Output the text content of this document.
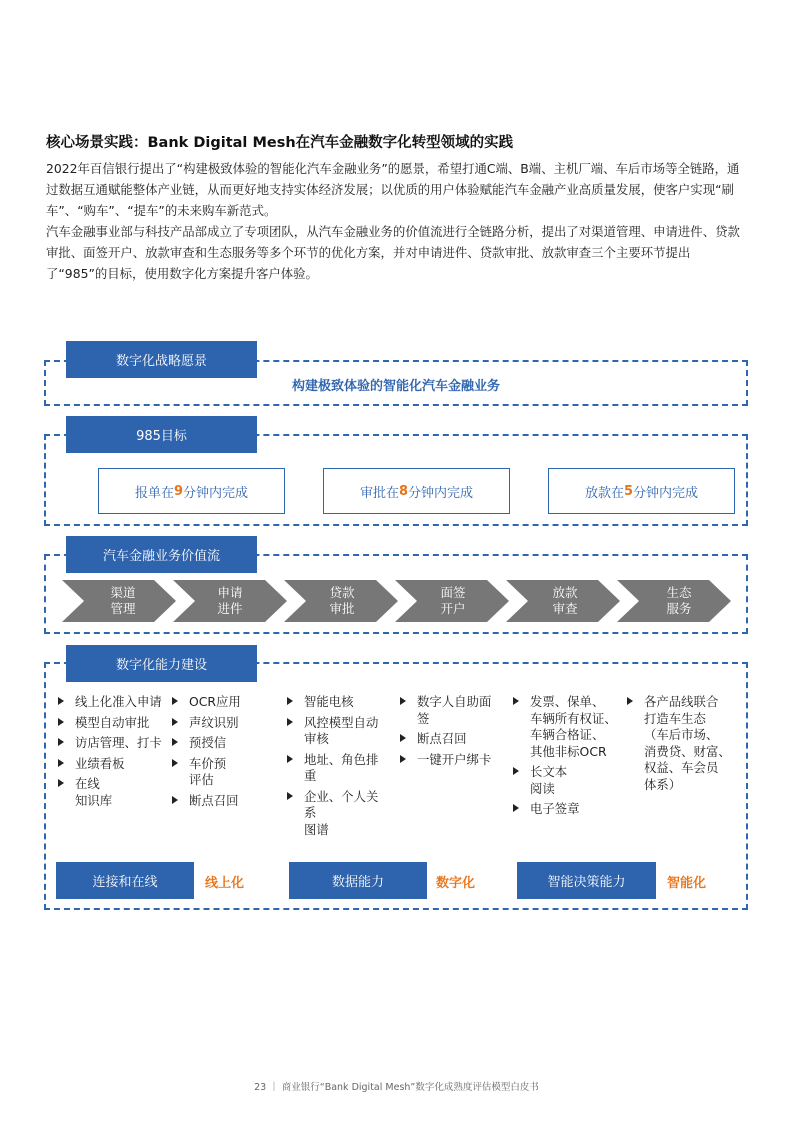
核心场景实践：Bank Digital Mesh在汽车金融数字化转型领域的实践

2022年百信银行提出了“构建极致体验的智能化汽车金融业务”的愿景，希望打通C端、B端、主机厂端、车后市场等全链路，通过数据互通赋能整体产业链，从而更好地支持实体经济发展；以优质的用户体验赋能汽车金融产业高质量发展，使客户实现“刷车”、“购车”、“提车”的未来购车新范式。

汽车金融事业部与科技产品部成立了专项团队，从汽车金融业务的价值流进行全链路分析，提出了对渠道管理、申请进件、贷款审批、面签开户、放款审查和生态服务等多个环节的优化方案，并对申请进件、贷款审批、放款审查三个主要环节提出了“985”的目标，使用数字化方案提升客户体验。

数字化战略愿景
构建极致体验的智能化汽车金融业务
985目标
报单在 9 分钟内完成	审批在 8 分钟内完成	放款在 5 分钟内完成
汽车金融业务价值流
渠道
管理
申请
进件
贷款
审批
面签
开户
放款
审查
生态
服务
数字化能力建设
线上化准入申请
模型自动审批
访店管理、打卡
业绩看板
在线
知识库
OCR应用
声纹识别
预授信
车价预
评估
断点召回
智能电核
风控模型自动
审核
地址、角色排
重
企业、个人关
系
图谱
数字人自助面
签
断点召回
一键开户绑卡
发票、保单、
车辆所有权证、
车辆合格证、
其他非标OCR
长文本
阅读
电子签章
各产品线联合
打造车生态
（车后市场、
消费贷、财富、
权益、车会员
体系）
连接和在线	线上化	数据能力	数字化	智能决策能力	智能化
23 ｜ 商业银行“Bank Digital Mesh”数字化成熟度评估模型白皮书
